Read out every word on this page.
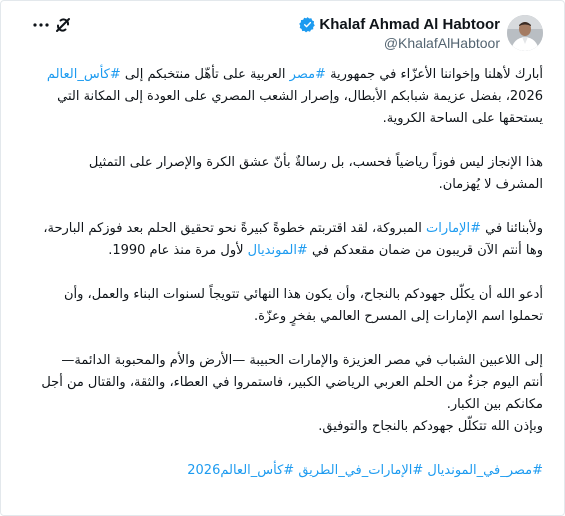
Khalaf Ahmad Al Habtoor
@KhalafAlHabtoor

أبارك لأهلنا وإخواننا الأعزّاء في جمهورية #مصر العربية على تأهّل منتخبكم إلى #كأس_العالم 2026، بفضل عزيمة شبابكم الأبطال، وإصرار الشعب المصري على العودة إلى المكانة التي يستحقها على الساحة الكروية.

هذا الإنجاز ليس فوزاً رياضياً فحسب، بل رسالةٌ بأنّ عشق الكرة والإصرار على التمثيل المشرف لا يُهزمان.

ولأبنائنا في #الإمارات المبروكة، لقد اقتربتم خطوةً كبيرةً نحو تحقيق الحلم بعد فوزكم البارحة، وها أنتم الآن قريبون من ضمان مقعدكم في #المونديال لأول مرة منذ عام 1990.

أدعو الله أن يكلّل جهودكم بالنجاح، وأن يكون هذا النهائي تتويجاً لسنوات البناء والعمل، وأن تحملوا اسم الإمارات إلى المسرح العالمي بفخرٍ وعزّة.

إلى اللاعبين الشباب في مصر العزيزة والإمارات الحبيبة —الأرض والأم والمحبوبة الدائمة— أنتم اليوم جزءٌ من الحلم العربي الرياضي الكبير، فاستمروا في العطاء، والثقة، والقتال من أجل مكانكم بين الكبار.
وبإذن الله تتكلّل جهودكم بالنجاح والتوفيق.

#مصر_في_المونديال #الإمارات_في_الطريق #كأس_العالم2026
